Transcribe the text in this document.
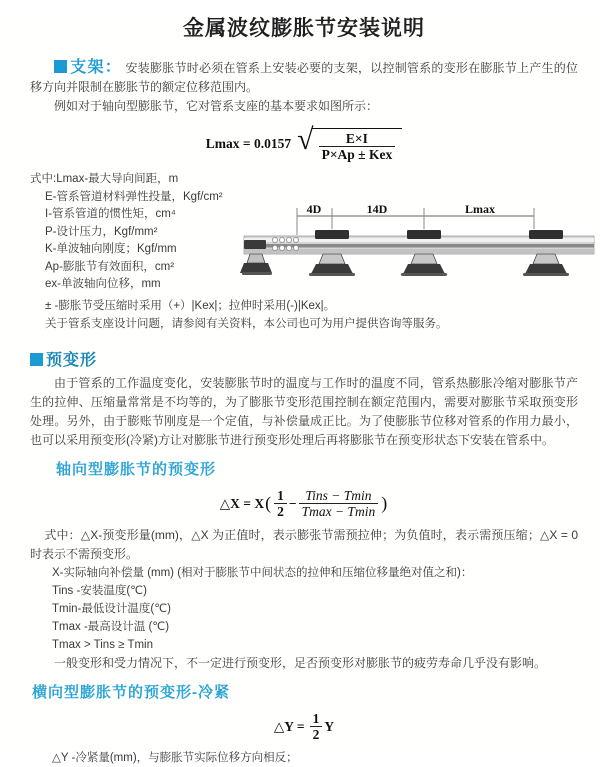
金属波纹膨胀节安装说明

支架： 安装膨胀节时必须在管系上安装必要的支架，以控制管系的变形在膨胀节上产生的位移方向并限制在膨胀节的额定位移范围内。

例如对于轴向型膨胀节，它对管系支座的基本要求如图所示：

Lmax = 0.0157 √ $\frac{E\times I}{\text{P×Ap ± Kex}}$
式中:Lmax-最大导向间距，m
E-管系管道材料弹性投量，Kgf/cm²
I-管系管道的惯性矩，cm⁴
P-设计压力，Kgf/mm²
K-单波轴向刚度；Kgf/mm
Ap-膨胀节有效面积，cm²
ex-单波轴向位移，mm
4D	14D	Lmax
± -膨胀节受压缩时采用（+）|Kex|；拉伸时采用(-)|Kex|。
关于管系支座设计问题，请参阅有关资料，本公司也可为用户提供咨询等服务。
预变形

由于管系的工作温度变化，安装膨胀节时的温度与工作时的温度不同，管系热膨胀冷缩对膨胀节产生的拉伸、压缩量常常是不均等的，为了膨胀节变形范围控制在额定范围内，需要对膨胀节采取预变形处理。另外，由于膨账节刚度是一个定值，与补偿量成正比。为了使膨胀节位移对管系的作用力最小，也可以采用预变形(冷紧)方让对膨胀节进行预变形处理后再将膨胀节在预变形状态下安装在管系中。

轴向型膨胀节的预变形
△X = X ( $\frac{1}{2} - \frac{\text{Tins − Tmin}}{Tmax - Tmin}$ )

式中：△X-预变形量(mm)，△X 为正值时，表示膨张节需预拉伸；为负值时，表示需预压缩；△X = 0时表示不需预变形。

X-实际轴向补偿量 (mm) (相对于膨胀节中间状态的拉伸和压缩位移量绝对值之和)：
Tins -安装温度(℃)
Tmin-最低设计温度(℃)
Tmax -最高设计温 (℃)
Tmax > Tins ≥ Tmin

一般变形和受力情况下，不一定进行预变形，足否预变形对膨胀节的疲劳寿命几乎没有影响。

横向型膨胀节的预变形-冷紧
△Y = $\frac{1}{2}$ Y
△Y -冷紧量(mm)，与膨胀节实际位移方向相反；
